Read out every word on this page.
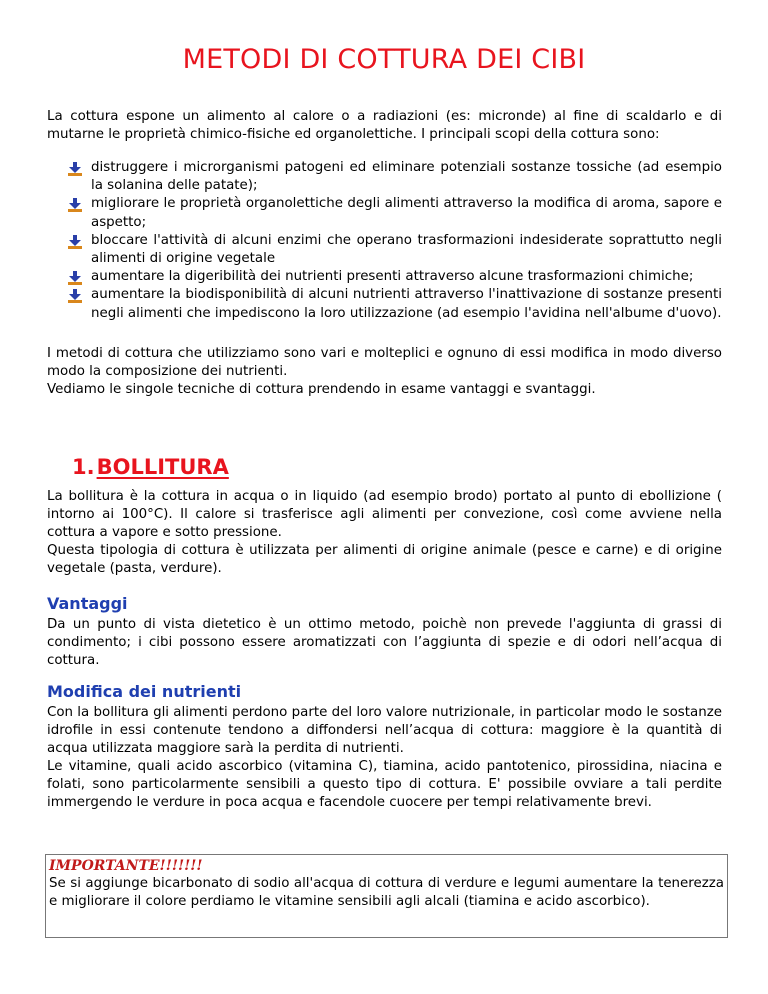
METODI DI COTTURA DEI CIBI

La cottura espone un alimento al calore o a radiazioni (es: micronde) al fine di scaldarlo e di mutarne le proprietà chimico-fisiche ed organolettiche. I principali scopi della cottura sono:

distruggere i microrganismi patogeni ed eliminare potenziali sostanze tossiche (ad esempio la solanina delle patate);
migliorare le proprietà organolettiche degli alimenti attraverso la modifica di aroma, sapore e aspetto;
bloccare l'attività di alcuni enzimi che operano trasformazioni indesiderate soprattutto negli alimenti di origine vegetale
aumentare la digeribilità dei nutrienti presenti attraverso alcune trasformazioni chimiche;
aumentare la biodisponibilità di alcuni nutrienti attraverso l'inattivazione di sostanze presenti negli alimenti che impediscono la loro utilizzazione (ad esempio l'avidina nell'albume d'uovo).

I metodi di cottura che utilizziamo sono vari e molteplici e ognuno di essi modifica in modo diverso modo la composizione dei nutrienti.

Vediamo le singole tecniche di cottura prendendo in esame vantaggi e svantaggi.

1.BOLLITURA

La bollitura è la cottura in acqua o in liquido (ad esempio brodo) portato al punto di ebollizione ( intorno ai 100°C). Il calore si trasferisce agli alimenti per convezione, così come avviene nella cottura a vapore e sotto pressione.

Questa tipologia di cottura è utilizzata per alimenti di origine animale (pesce e carne) e di origine vegetale (pasta, verdure).

Vantaggi

Da un punto di vista dietetico è un ottimo metodo, poichè non prevede l'aggiunta di grassi di condimento; i cibi possono essere aromatizzati con l’aggiunta di spezie e di odori nell’acqua di cottura.

Modifica dei nutrienti

Con la bollitura gli alimenti perdono parte del loro valore nutrizionale, in particolar modo le sostanze idrofile in essi contenute tendono a diffondersi nell’acqua di cottura: maggiore è la quantità di acqua utilizzata maggiore sarà la perdita di nutrienti.

Le vitamine, quali acido ascorbico (vitamina C), tiamina, acido pantotenico, pirossidina, niacina e folati, sono particolarmente sensibili a questo tipo di cottura. E' possibile ovviare a tali perdite immergendo le verdure in poca acqua e facendole cuocere per tempi relativamente brevi.

IMPORTANTE!!!!!!!

Se si aggiunge bicarbonato di sodio all'acqua di cottura di verdure e legumi aumentare la tenerezza e migliorare il colore perdiamo le vitamine sensibili agli alcali (tiamina e acido ascorbico).
